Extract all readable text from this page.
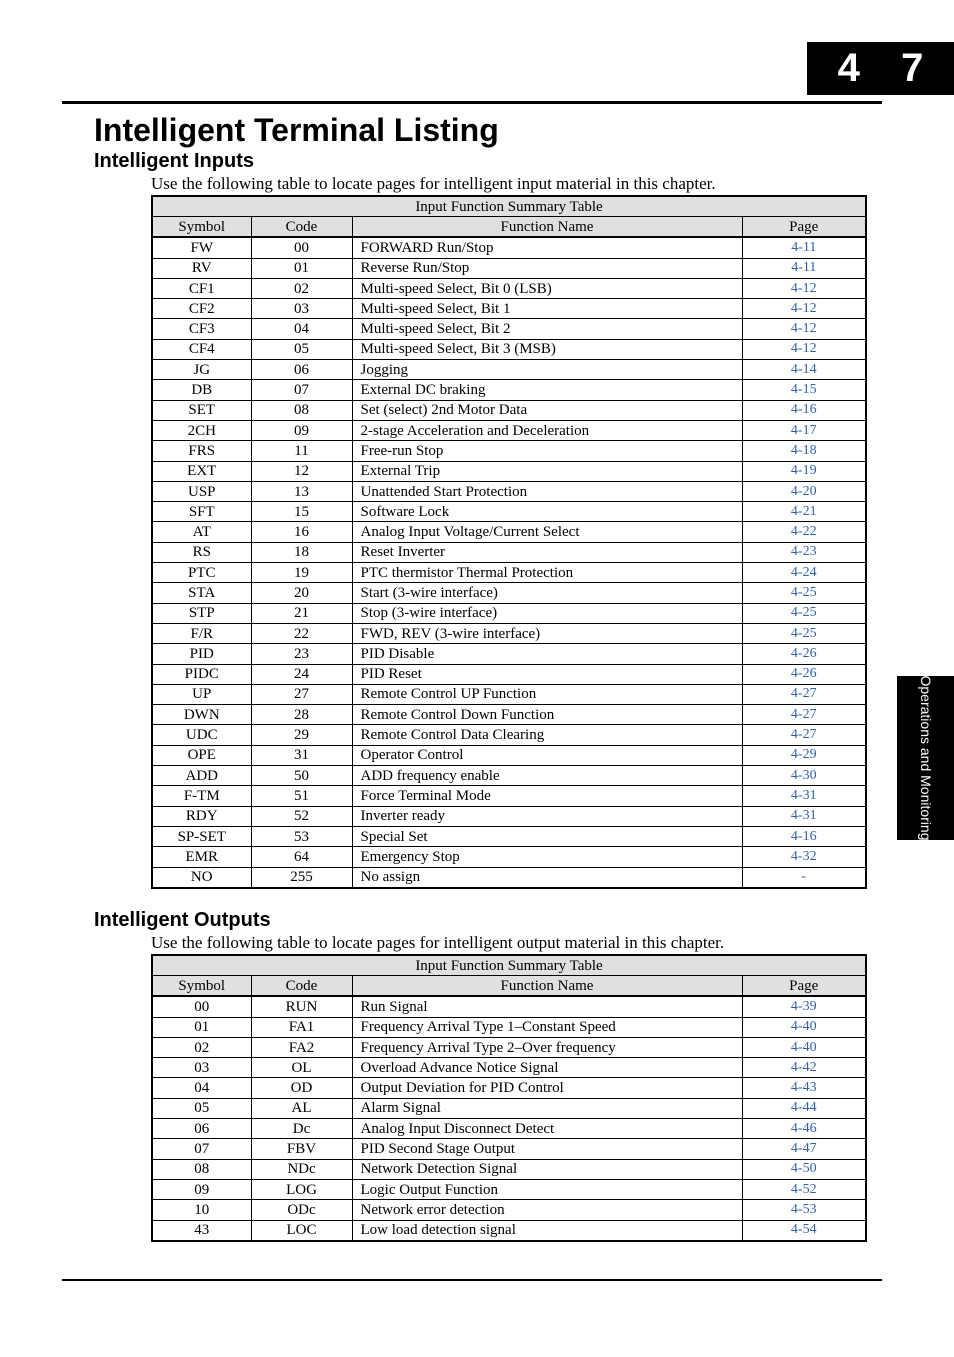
4 7
Intelligent Terminal Listing
Intelligent Inputs

Use the following table to locate pages for intelligent input material in this chapter.

Input Function Summary Table			
Symbol	Code	Function Name	Page
FW	00	FORWARD Run/Stop	4-11
RV	01	Reverse Run/Stop	4-11
CF1	02	Multi-speed Select, Bit 0 (LSB)	4-12
CF2	03	Multi-speed Select, Bit 1	4-12
CF3	04	Multi-speed Select, Bit 2	4-12
CF4	05	Multi-speed Select, Bit 3 (MSB)	4-12
JG	06	Jogging	4-14
DB	07	External DC braking	4-15
SET	08	Set (select) 2nd Motor Data	4-16
2CH	09	2-stage Acceleration and Deceleration	4-17
FRS	11	Free-run Stop	4-18
EXT	12	External Trip	4-19
USP	13	Unattended Start Protection	4-20
SFT	15	Software Lock	4-21
AT	16	Analog Input Voltage/Current Select	4-22
RS	18	Reset Inverter	4-23
PTC	19	PTC thermistor Thermal Protection	4-24
STA	20	Start (3-wire interface)	4-25
STP	21	Stop (3-wire interface)	4-25
F/R	22	FWD, REV (3-wire interface)	4-25
PID	23	PID Disable	4-26
PIDC	24	PID Reset	4-26
UP	27	Remote Control UP Function	4-27
DWN	28	Remote Control Down Function	4-27
UDC	29	Remote Control Data Clearing	4-27
OPE	31	Operator Control	4-29
ADD	50	ADD frequency enable	4-30
F-TM	51	Force Terminal Mode	4-31
RDY	52	Inverter ready	4-31
SP-SET	53	Special Set	4-16
EMR	64	Emergency Stop	4-32
NO	255	No assign	-
Intelligent Outputs

Use the following table to locate pages for intelligent output material in this chapter.

Input Function Summary Table			
Symbol	Code	Function Name	Page
00	RUN	Run Signal	4-39
01	FA1	Frequency Arrival Type 1–Constant Speed	4-40
02	FA2	Frequency Arrival Type 2–Over frequency	4-40
03	OL	Overload Advance Notice Signal	4-42
04	OD	Output Deviation for PID Control	4-43
05	AL	Alarm Signal	4-44
06	Dc	Analog Input Disconnect Detect	4-46
07	FBV	PID Second Stage Output	4-47
08	NDc	Network Detection Signal	4-50
09	LOG	Logic Output Function	4-52
10	ODc	Network error detection	4-53
43	LOC	Low load detection signal	4-54
Operations and Monitoring
